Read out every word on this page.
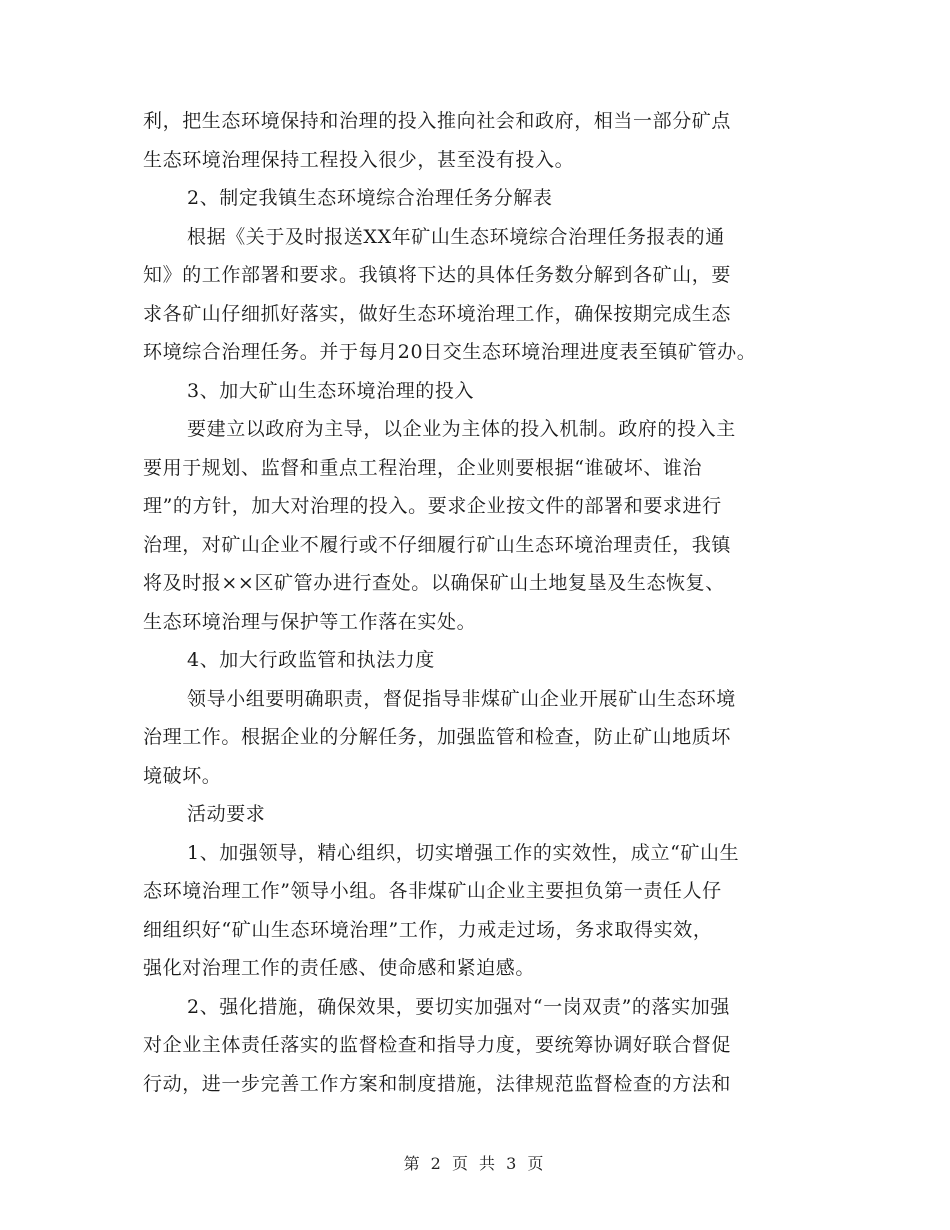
利，把生态环境保持和治理的投入推向社会和政府，相当一部分矿点
生态环境治理保持工程投入很少，甚至没有投入。
2、制定我镇生态环境综合治理任务分解表
根据《关于及时报送XX年矿山生态环境综合治理任务报表的通
知》的工作部署和要求。我镇将下达的具体任务数分解到各矿山，要
求各矿山仔细抓好落实，做好生态环境治理工作，确保按期完成生态
环境综合治理任务。并于每月20日交生态环境治理进度表至镇矿管办。
3、加大矿山生态环境治理的投入
要建立以政府为主导，以企业为主体的投入机制。政府的投入主
要用于规划、监督和重点工程治理，企业则要根据“谁破坏、谁治
理”的方针，加大对治理的投入。要求企业按文件的部署和要求进行
治理，对矿山企业不履行或不仔细履行矿山生态环境治理责任，我镇
将及时报××区矿管办进行查处。以确保矿山土地复垦及生态恢复、
生态环境治理与保护等工作落在实处。
4、加大行政监管和执法力度
领导小组要明确职责，督促指导非煤矿山企业开展矿山生态环境
治理工作。根据企业的分解任务，加强监管和检查，防止矿山地质坏
境破坏。
活动要求
1、加强领导，精心组织，切实增强工作的实效性，成立“矿山生
态环境治理工作”领导小组。各非煤矿山企业主要担负第一责任人仔
细组织好“矿山生态环境治理”工作，力戒走过场，务求取得实效，
强化对治理工作的责任感、使命感和紧迫感。
2、强化措施，确保效果，要切实加强对“一岗双责”的落实加强
对企业主体责任落实的监督检查和指导力度，要统筹协调好联合督促
行动，进一步完善工作方案和制度措施，法律规范监督检查的方法和
第 2 页 共 3 页
